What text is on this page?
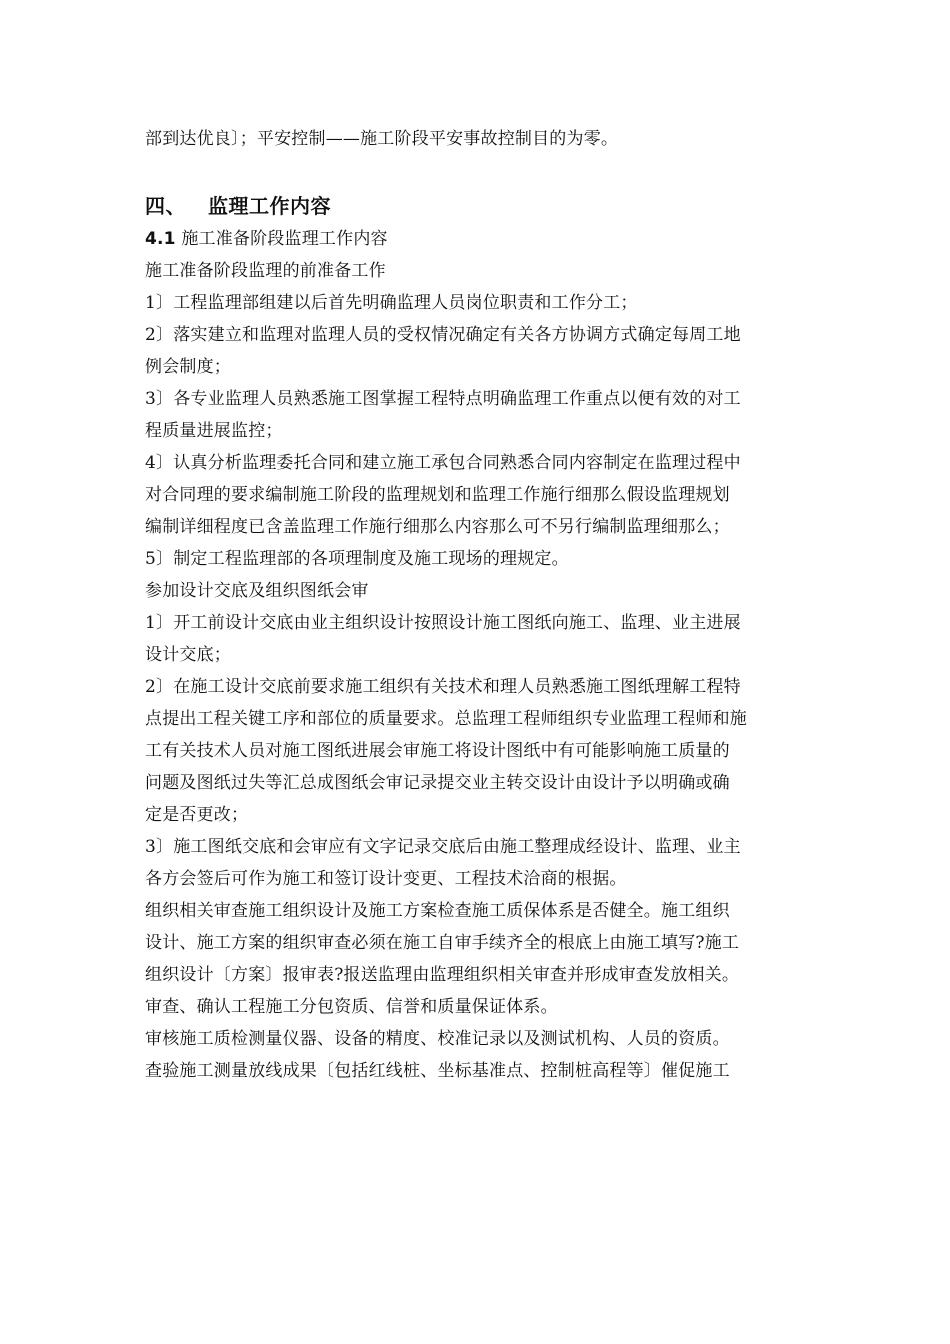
部到达优良〕；平安控制——施工阶段平安事故控制目的为零。
四、 监理工作内容
4.1 施工准备阶段监理工作内容
施工准备阶段监理的前准备工作
1〕工程监理部组建以后首先明确监理人员岗位职责和工作分工；
2〕落实建立和监理对监理人员的受权情况确定有关各方协调方式确定每周工地
例会制度；
3〕各专业监理人员熟悉施工图掌握工程特点明确监理工作重点以便有效的对工
程质量进展监控；
4〕认真分析监理委托合同和建立施工承包合同熟悉合同内容制定在监理过程中
对合同理的要求编制施工阶段的监理规划和监理工作施行细那么假设监理规划
编制详细程度已含盖监理工作施行细那么内容那么可不另行编制监理细那么；
5〕制定工程监理部的各项理制度及施工现场的理规定。
参加设计交底及组织图纸会审
1〕开工前设计交底由业主组织设计按照设计施工图纸向施工、监理、业主进展
设计交底；
2〕在施工设计交底前要求施工组织有关技术和理人员熟悉施工图纸理解工程特
点提出工程关键工序和部位的质量要求。总监理工程师组织专业监理工程师和施
工有关技术人员对施工图纸进展会审施工将设计图纸中有可能影响施工质量的
问题及图纸过失等汇总成图纸会审记录提交业主转交设计由设计予以明确或确
定是否更改；
3〕施工图纸交底和会审应有文字记录交底后由施工整理成经设计、监理、业主
各方会签后可作为施工和签订设计变更、工程技术洽商的根据。
组织相关审查施工组织设计及施工方案检查施工质保体系是否健全。施工组织
设计、施工方案的组织审查必须在施工自审手续齐全的根底上由施工填写?施工
组织设计〔方案〕报审表?报送监理由监理组织相关审查并形成审查发放相关。
审查、确认工程施工分包资质、信誉和质量保证体系。
审核施工质检测量仪器、设备的精度、校准记录以及测试机构、人员的资质。
查验施工测量放线成果〔包括红线桩、坐标基准点、控制桩高程等〕催促施工
